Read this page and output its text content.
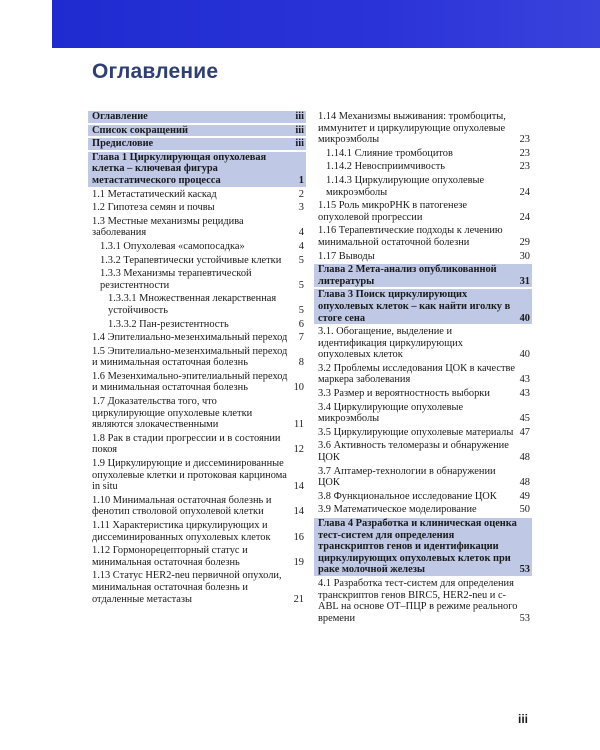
Оглавление
Оглавление	iii
Список сокращений	iii
Предисловие	iii
Глава 1 Циркулирующая опухолевая клетка – ключевая фигура метастатического процесса	1
1.1 Метастатический каскад	2
1.2 Гипотеза семян и почвы	3
1.3 Местные механизмы рецидива заболевания	4
1.3.1 Опухолевая «самопосадка»	4
1.3.2 Терапевтически устойчивые клетки 5
1.3.3 Механизмы терапевтической резистентности	5
1.3.3.1 Множественная лекарственная устойчивость	5
1.3.3.2 Пан-резистентность	6
1.4 Эпителиально-мезенхимальный переход 7
1.5 Эпителиально-мезенхимальный переход и минимальная остаточная болезнь	8
1.6 Мезенхимально-эпителиальный переход и минимальная остаточная болезнь	10
1.7 Доказательства того, что циркулирующие опухолевые клетки являются злокачественными	11
1.8 Рак в стадии прогрессии и в состоянии покоя	12
1.9 Циркулирующие и диссеминированные опухолевые клетки и протоковая карцинома in situ	14
1.10 Минимальная остаточная болезнь и фенотип стволовой опухолевой клетки	14
1.11 Характеристика циркулирующих и диссеминированных опухолевых клеток 16
1.12 Гормонорецепторный статус и минимальная остаточная болезнь	19
1.13 Статус HER2-neu первичной опухоли, минимальная остаточная болезнь и отдаленные метастазы	21
1.14 Механизмы выживания: тромбоциты, иммунитет и циркулирующие опухолевые микроэмболы	23
1.14.1 Слияние тромбоцитов	23
1.14.2 Невосприимчивость	23
1.14.3 Циркулирующие опухолевые микроэмболы	24
1.15 Роль микроРНК в патогенезе опухолевой прогрессии	24
1.16 Терапевтические подходы к лечению минимальной остаточной болезни	29
1.17 Выводы	30
Глава 2 Мета-анализ опубликованной литературы	31
Глава 3 Поиск циркулирующих опухолевых клеток – как найти иголку в стоге сена	40
3.1. Обогащение, выделение и идентификация циркулирующих опухолевых клеток	40
3.2 Проблемы исследования ЦОК в качестве маркера заболевания	43
3.3 Размер и вероятностность выборки	43
3.4 Циркулирующие опухолевые микроэмболы	45
3.5 Циркулирующие опухолевые материалы 47
3.6 Активность теломеразы и обнаружение ЦОК	48
3.7 Аптамер-технологии в обнаружении ЦОК	48
3.8 Функциональное исследование ЦОК 49
3.9 Математическое моделирование	50
Глава 4 Разработка и клиническая оценка тест-систем для определения транскриптов генов и идентификации циркулирующих опухолевых клеток при раке молочной железы	53
4.1 Разработка тест-систем для определения транскриптов генов BIRC5, HER2-neu и c-ABL на основе ОТ–ПЦР в режиме реального времени	53
iii
